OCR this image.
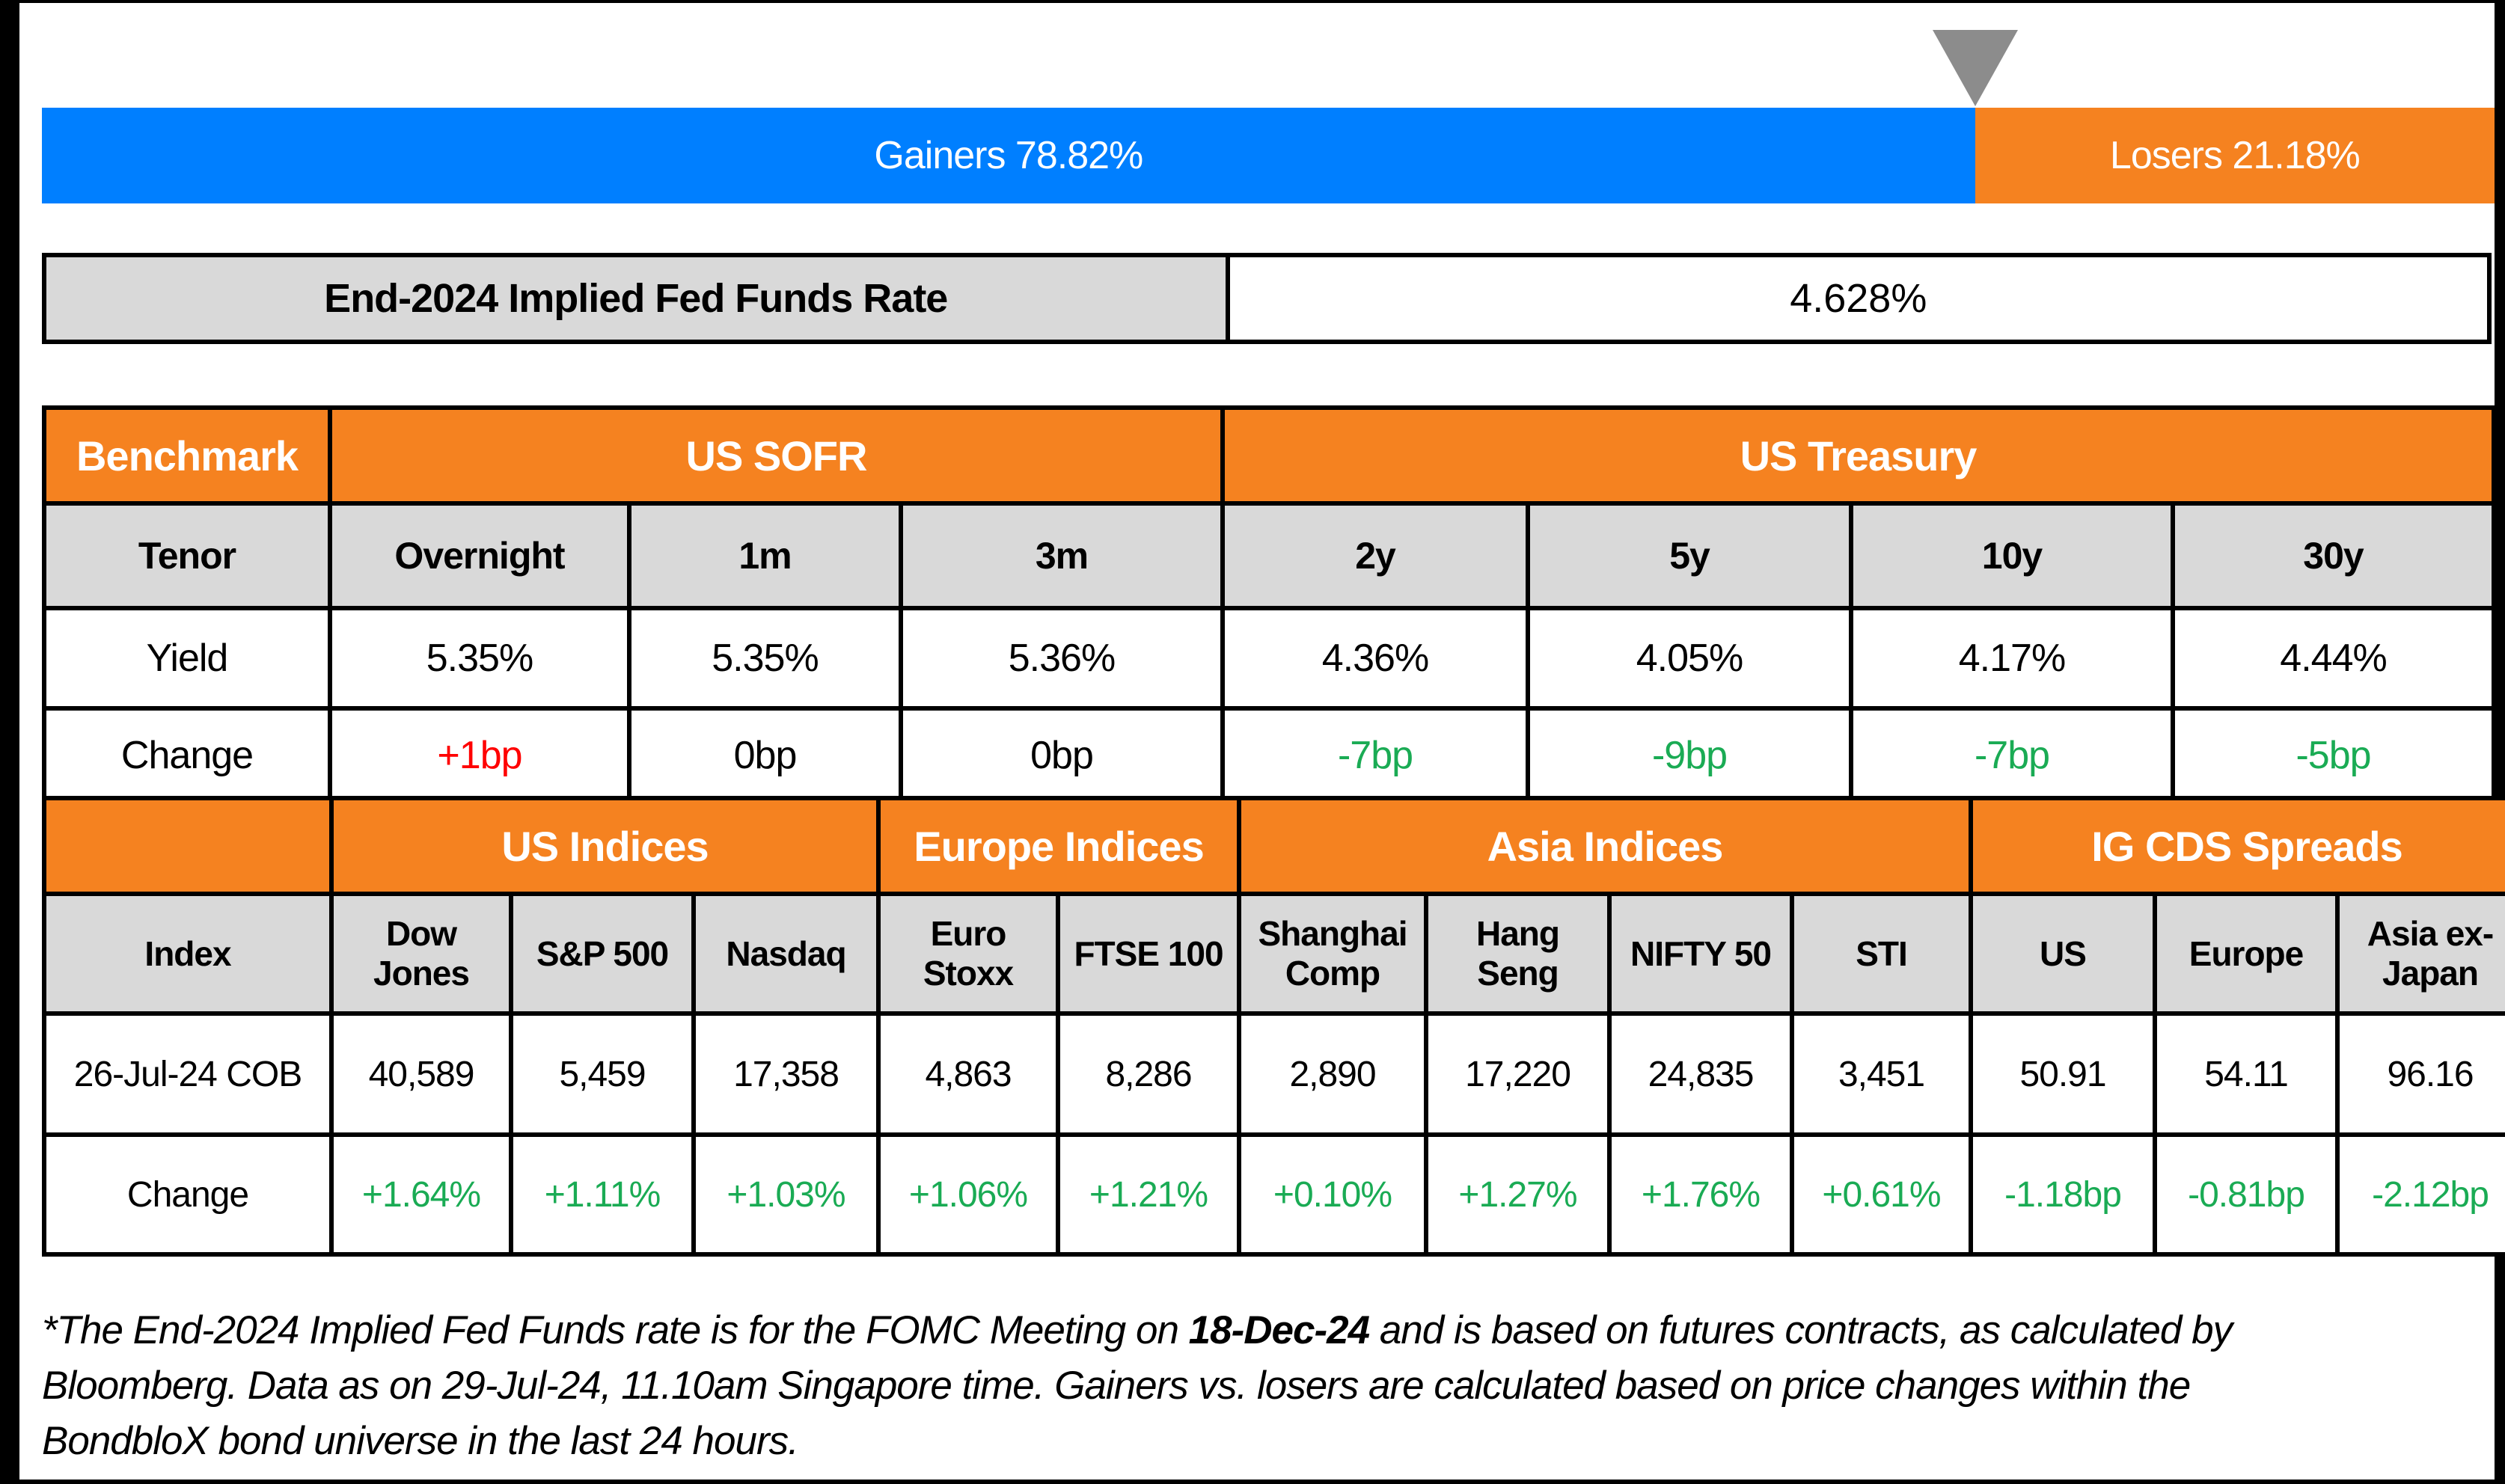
Gainers 78.82%	Losers 21.18%
End-2024 Implied Fed Funds Rate	4.628%
Benchmark	US SOFR			US Treasury			
Tenor	Overnight	1m	3m	2y	5y	10y	30y
Yield	5.35%	5.35%	5.36%	4.36%	4.05%	4.17%	4.44%
Change	+1bp	0bp	0bp	-7bp	-9bp	-7bp	-5bp
	US Indices			Europe Indices		Asia Indices				IG CDS Spreads		
Index	Dow Jones	S&P 500	Nasdaq	Euro Stoxx	FTSE 100	Shanghai Comp	Hang Seng	NIFTY 50	STI	US	Europe	Asia ex-Japan
26-Jul-24 COB	40,589	5,459	17,358	4,863	8,286	2,890	17,220	24,835	3,451	50.91	54.11	96.16
Change	+1.64%	+1.11%	+1.03%	+1.06%	+1.21%	+0.10%	+1.27%	+1.76%	+0.61%	-1.18bp	-0.81bp	-2.12bp
*The End-2024 Implied Fed Funds rate is for the FOMC Meeting on 18-Dec-24 and is based on futures contracts, as calculated by
Bloomberg. Data as on 29-Jul-24, 11.10am Singapore time. Gainers vs. losers are calculated based on price changes within the
BondbloX bond universe in the last 24 hours.
